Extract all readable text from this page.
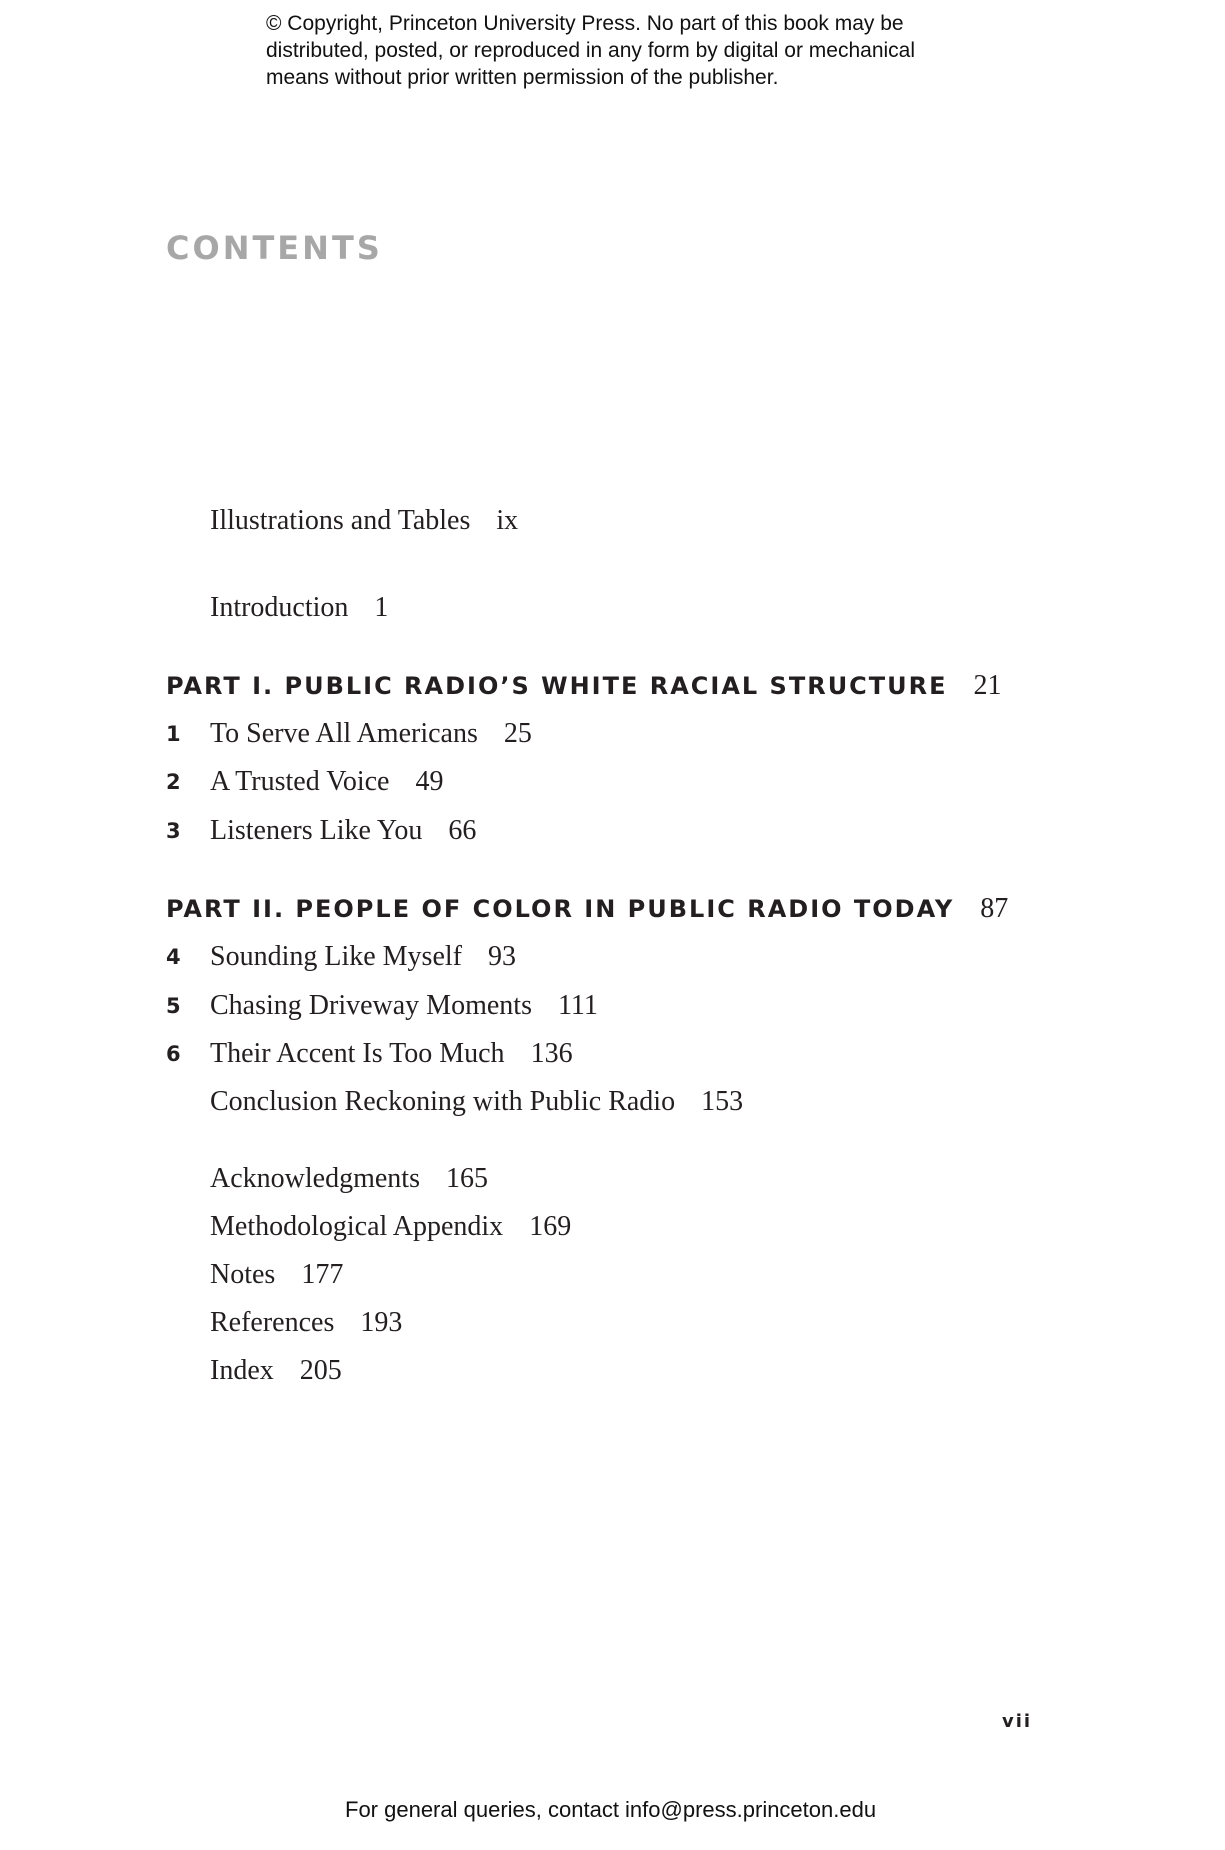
© Copyright, Princeton University Press. No part of this book may be
distributed, posted, or reproduced in any form by digital or mechanical
means without prior written permission of the publisher.
CONTENTS
Illustrations and Tables ix
Introduction 1
PART I. PUBLIC RADIO’S WHITE RACIAL STRUCTURE 21
1	To Serve All Americans 25
2	A Trusted Voice 49
3	Listeners Like You 66
PART II. PEOPLE OF COLOR IN PUBLIC RADIO TODAY 87
4	Sounding Like Myself 93
5	Chasing Driveway Moments 111
6	Their Accent Is Too Much 136
Conclusion Reckoning with Public Radio 153
Acknowledgments 165
Methodological Appendix 169
Notes 177
References 193
Index 205
vii
For general queries, contact info@press.princeton.edu
